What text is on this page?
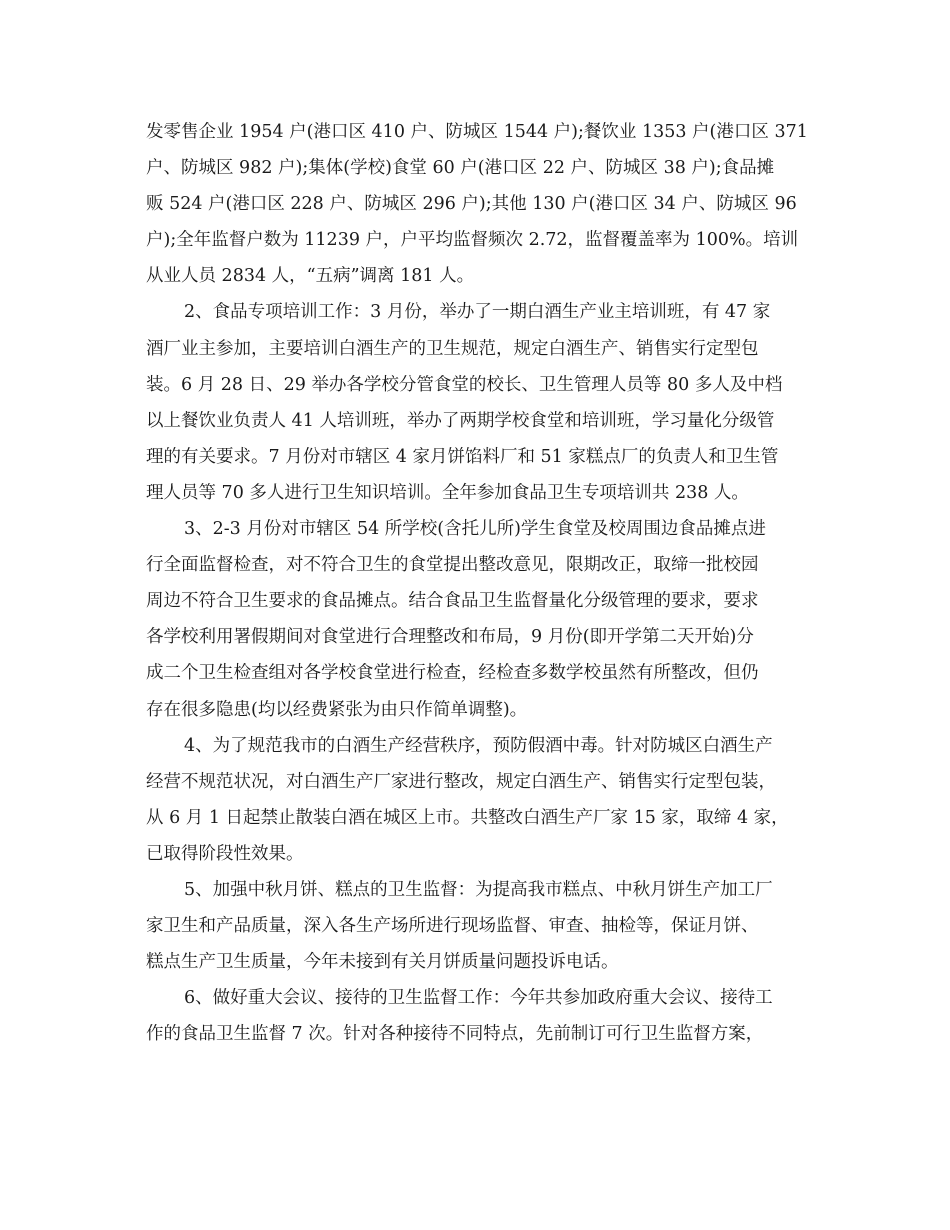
发零售企业 1954 户(港口区 410 户、防城区 1544 户);餐饮业 1353 户(港口区 371
户、防城区 982 户);集体(学校)食堂 60 户(港口区 22 户、防城区 38 户);食品摊
贩 524 户(港口区 228 户、防城区 296 户);其他 130 户(港口区 34 户、防城区 96
户);全年监督户数为 11239 户，户平均监督频次 2.72，监督覆盖率为 100%。培训
从业人员 2834 人，“五病”调离 181 人。
2、食品专项培训工作：3 月份，举办了一期白酒生产业主培训班，有 47 家
酒厂业主参加，主要培训白酒生产的卫生规范，规定白酒生产、销售实行定型包
装。6 月 28 日、29 举办各学校分管食堂的校长、卫生管理人员等 80 多人及中档
以上餐饮业负责人 41 人培训班，举办了两期学校食堂和培训班，学习量化分级管
理的有关要求。7 月份对市辖区 4 家月饼馅料厂和 51 家糕点厂的负责人和卫生管
理人员等 70 多人进行卫生知识培训。全年参加食品卫生专项培训共 238 人。
3、2-3 月份对市辖区 54 所学校(含托儿所)学生食堂及校周围边食品摊点进
行全面监督检查，对不符合卫生的食堂提出整改意见，限期改正，取缔一批校园
周边不符合卫生要求的食品摊点。结合食品卫生监督量化分级管理的要求，要求
各学校利用署假期间对食堂进行合理整改和布局，9 月份(即开学第二天开始)分
成二个卫生检查组对各学校食堂进行检查，经检查多数学校虽然有所整改，但仍
存在很多隐患(均以经费紧张为由只作简单调整)。
4、为了规范我市的白酒生产经营秩序，预防假酒中毒。针对防城区白酒生产
经营不规范状况，对白酒生产厂家进行整改，规定白酒生产、销售实行定型包装，
从 6 月 1 日起禁止散装白酒在城区上市。共整改白酒生产厂家 15 家，取缔 4 家，
已取得阶段性效果。
5、加强中秋月饼、糕点的卫生监督：为提高我市糕点、中秋月饼生产加工厂
家卫生和产品质量，深入各生产场所进行现场监督、审查、抽检等，保证月饼、
糕点生产卫生质量，今年未接到有关月饼质量问题投诉电话。
6、做好重大会议、接待的卫生监督工作：今年共参加政府重大会议、接待工
作的食品卫生监督 7 次。针对各种接待不同特点，先前制订可行卫生监督方案，
